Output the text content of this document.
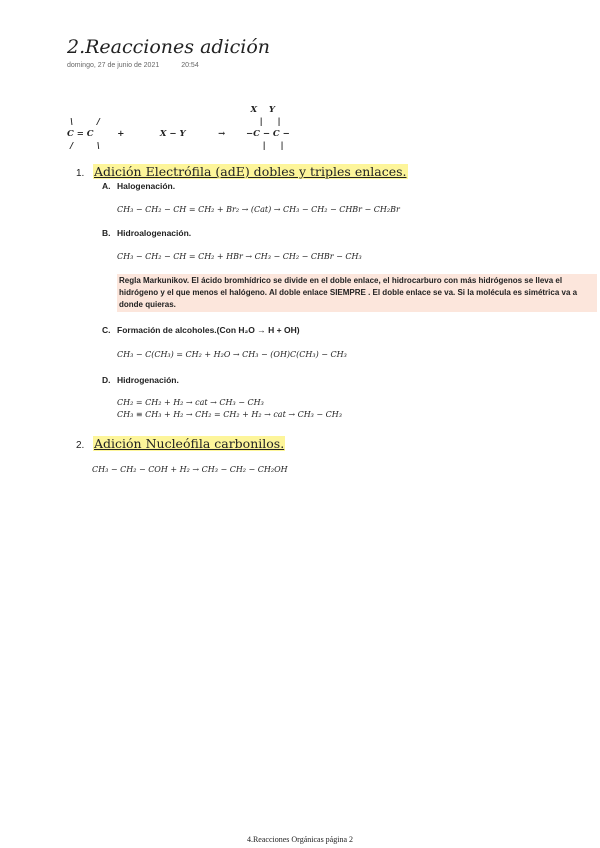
2.Reacciones adición
domingo, 27 de junio de 2021	20:54
X    Y
\        /                                                      |     |
C = C        +            X − Y           →       −C − C −
/        \                                                       |     |
1. Adición Electrófila (adE) dobles y triples enlaces.
A. Halogenación.
CH₃ − CH₂ − CH = CH₂ + Br₂ → (Cat) → CH₃ − CH₂ − CHBr − CH₂Br
B. Hidroalogenación.
CH₃ − CH₂ − CH = CH₂ + HBr → CH₃ − CH₂ − CHBr − CH₃
Regla Markunikov. El ácido bromhídrico se divide en el doble enlace, el hidrocarburo con más hidrógenos se lleva el hidrógeno y el que menos el halógeno. Al doble enlace SIEMPRE . El doble enlace se va. Si la molécula es simétrica va a donde quieras.
C. Formación de alcoholes.(Con H₂O → H + OH)
CH₃ − C(CH₃) = CH₂ + H₂O → CH₃ − (OH)C(CH₃) − CH₃
D. Hidrogenación.
CH₂ = CH₂ + H₂ → cat → CH₃ − CH₃
CH₃ ≡ CH₃ + H₂ → CH₂ = CH₂ + H₂ → cat → CH₃ − CH₃
2. Adición Nucleófila carbonilos.
CH₃ − CH₂ − COH + H₂ → CH₃ − CH₂ − CH₂OH
4.Reacciones Orgánicas página 2
